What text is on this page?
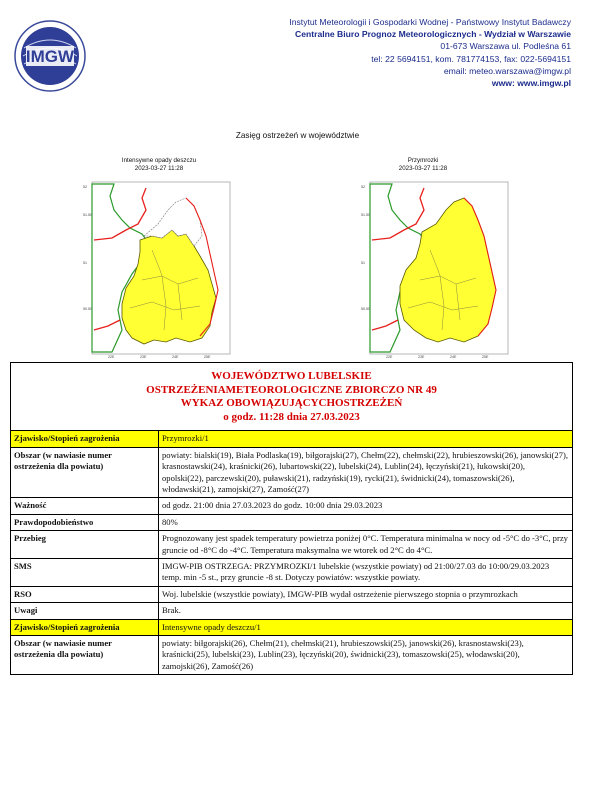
IMGW
Instytut Meteorologii i Gospodarki Wodnej - Państwowy Instytut Badawczy
Centralne Biuro Prognoz Meteorologicznych - Wydział w Warszawie
01-673 Warszawa ul. Podleśna 61
tel: 22 5694151, kom. 781774153, fax: 022-5694151
email: meteo.warszawa@imgw.pl
www: www.imgw.pl
Zasięg ostrzeżeń w województwie
Intensywne opady deszczu
2023-03-27 11:28
Przymrozki
2023-03-27 11:28
52
51.50
51
50.50
22E	23E	24E	25E
52
51.50
51
50.50
22E	23E	24E	25E
WOJEWÓDZTWO LUBELSKIE
OSTRZEŻENIAMETEOROLOGICZNE ZBIORCZO NR 49
WYKAZ OBOWIĄZUJĄCYCHOSTRZEŻEŃ
o godz. 11:28 dnia 27.03.2023	

Zjawisko/Stopień zagrożenia	Przymrozki/1
Obszar (w nawiasie numer ostrzeżenia dla powiatu)	powiaty: bialski(19), Biała Podlaska(19), biłgorajski(27), Chełm(22), chełmski(22), hrubieszowski(26), janowski(27), krasnostawski(24), kraśnicki(26), lubartowski(22), lubelski(24), Lublin(24), łęczyński(21), łukowski(20), opolski(22), parczewski(20), puławski(21), radzyński(19), rycki(21), świdnicki(24), tomaszowski(26), włodawski(21), zamojski(27), Zamość(27)
Ważność	od godz. 21:00 dnia 27.03.2023 do godz. 10:00 dnia 29.03.2023
Prawdopodobieństwo	80%
Przebieg	Prognozowany jest spadek temperatury powietrza poniżej 0°C. Temperatura minimalna w nocy od -5°C do -3°C, przy gruncie od -8°C do -4°C. Temperatura maksymalna we wtorek od 2°C do 4°C.
SMS	IMGW-PIB OSTRZEGA: PRZYMROZKI/1 lubelskie (wszystkie powiaty) od 21:00/27.03 do 10:00/29.03.2023 temp. min -5 st., przy gruncie -8 st. Dotyczy powiatów: wszystkie powiaty.
RSO	Woj. lubelskie (wszystkie powiaty), IMGW-PIB wydał ostrzeżenie pierwszego stopnia o przymrozkach
Uwagi	Brak.
Zjawisko/Stopień zagrożenia	Intensywne opady deszczu/1
Obszar (w nawiasie numer ostrzeżenia dla powiatu)	powiaty: biłgorajski(26), Chełm(21), chełmski(21), hrubieszowski(25), janowski(26), krasnostawski(23), kraśnicki(25), lubelski(23), Lublin(23), łęczyński(20), świdnicki(23), tomaszowski(25), włodawski(20), zamojski(26), Zamość(26)
